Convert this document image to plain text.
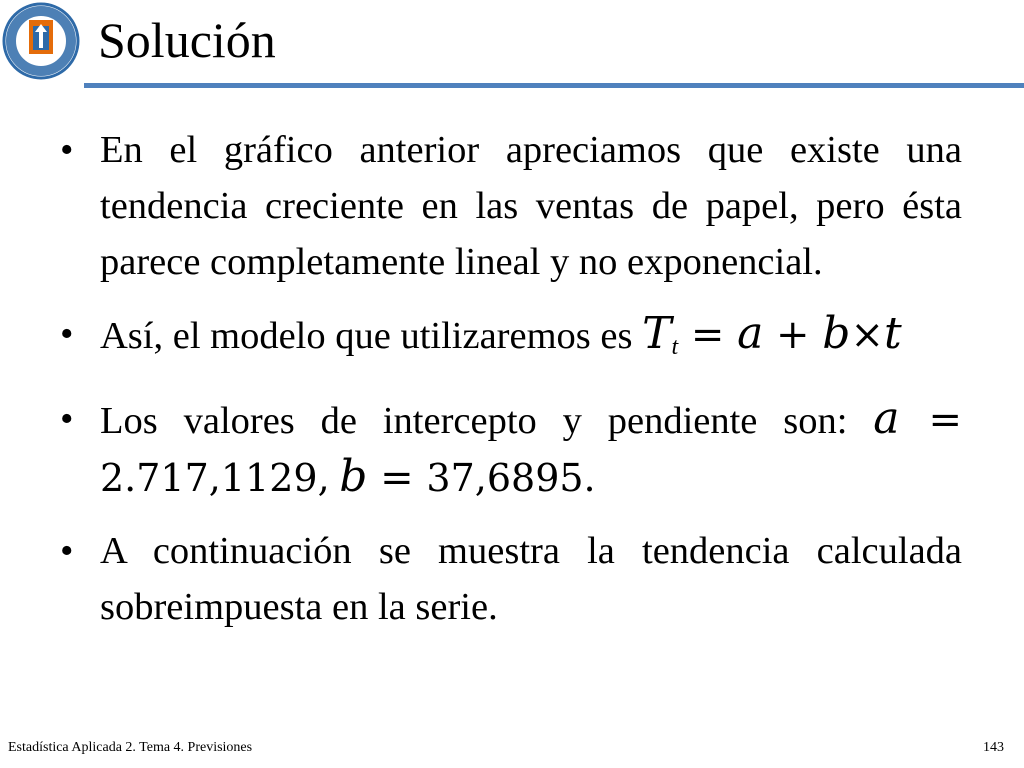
Solución

• En el gráfico anterior apreciamos que existe una tendencia creciente en las ventas de papel, pero ésta parece completamente lineal y no exponencial.

• Así, el modelo que utilizaremos es $T_t = a + b\times t$

• Los valores de intercepto y pendiente son: a = 2.717,1129, b = 37,6895.

• A continuación se muestra la tendencia calculada sobreimpuesta en la serie.

Estadística Aplicada 2. Tema 4. Previsiones	143
